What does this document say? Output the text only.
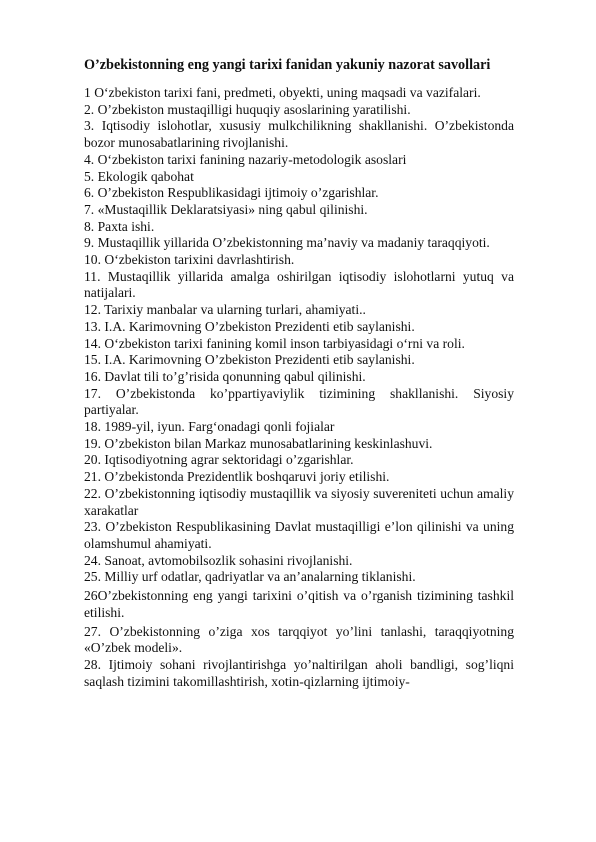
O’zbekistonning eng yangi tarixi fanidan yakuniy nazorat savollari

1 O‘zbekiston tarixi fani, predmeti, obyekti, uning maqsadi va vazifalari.

2. O’zbekiston mustaqilligi huquqiy asoslarining yaratilishi.

3. Iqtisodiy islohotlar, xususiy mulkchilikning shakllanishi. O’zbekistonda bozor munosabatlarining rivojlanishi.

4. O‘zbekiston tarixi fanining nazariy-metodologik asoslari

5. Ekologik qabohat

6. O’zbekiston Respublikasidagi ijtimoiy o’zgarishlar.

7. «Mustaqillik Deklaratsiyasi» ning qabul qilinishi.

8. Paxta ishi.

9. Mustaqillik yillarida O’zbekistonning ma’naviy va madaniy taraqqiyoti.

10. O‘zbekiston tarixini davrlashtirish.

11. Mustaqillik yillarida amalga oshirilgan iqtisodiy islohotlarni yutuq va natijalari.

12. Tarixiy manbalar va ularning turlari, ahamiyati..

13. I.A. Karimovning O’zbekiston Prezidenti etib saylanishi.

14. O‘zbekiston tarixi fanining komil inson tarbiyasidagi o‘rni va roli.

15. I.A. Karimovning O’zbekiston Prezidenti etib saylanishi.

16. Davlat tili to’g’risida qonunning qabul qilinishi.

17. O’zbekistonda ko’ppartiyaviylik tizimining shakllanishi. Siyosiy partiyalar.

18. 1989-yil, iyun. Farg‘onadagi qonli fojialar

19. O’zbekiston bilan Markaz munosabatlarining keskinlashuvi.

20. Iqtisodiyotning agrar sektoridagi o’zgarishlar.

21. O’zbekistonda Prezidentlik boshqaruvi joriy etilishi.

22. O’zbekistonning iqtisodiy mustaqillik va siyosiy suvereniteti uchun amaliy xarakatlar

23. O’zbekiston Respublikasining Davlat mustaqilligi e’lon qilinishi va uning olamshumul ahamiyati.

24. Sanoat, avtomobilsozlik sohasini rivojlanishi.

25. Milliy urf odatlar, qadriyatlar va an’analarning tiklanishi.

26O’zbekistonning eng yangi tarixini o’qitish va o’rganish tizimining tashkil etilishi.

27. O’zbekistonning o’ziga xos tarqqiyot yo’lini tanlashi, taraqqiyotning «O’zbek modeli».

28. Ijtimoiy sohani rivojlantirishga yo’naltirilgan aholi bandligi, sog’liqni saqlash tizimini takomillashtirish, xotin-qizlarning ijtimoiy-
